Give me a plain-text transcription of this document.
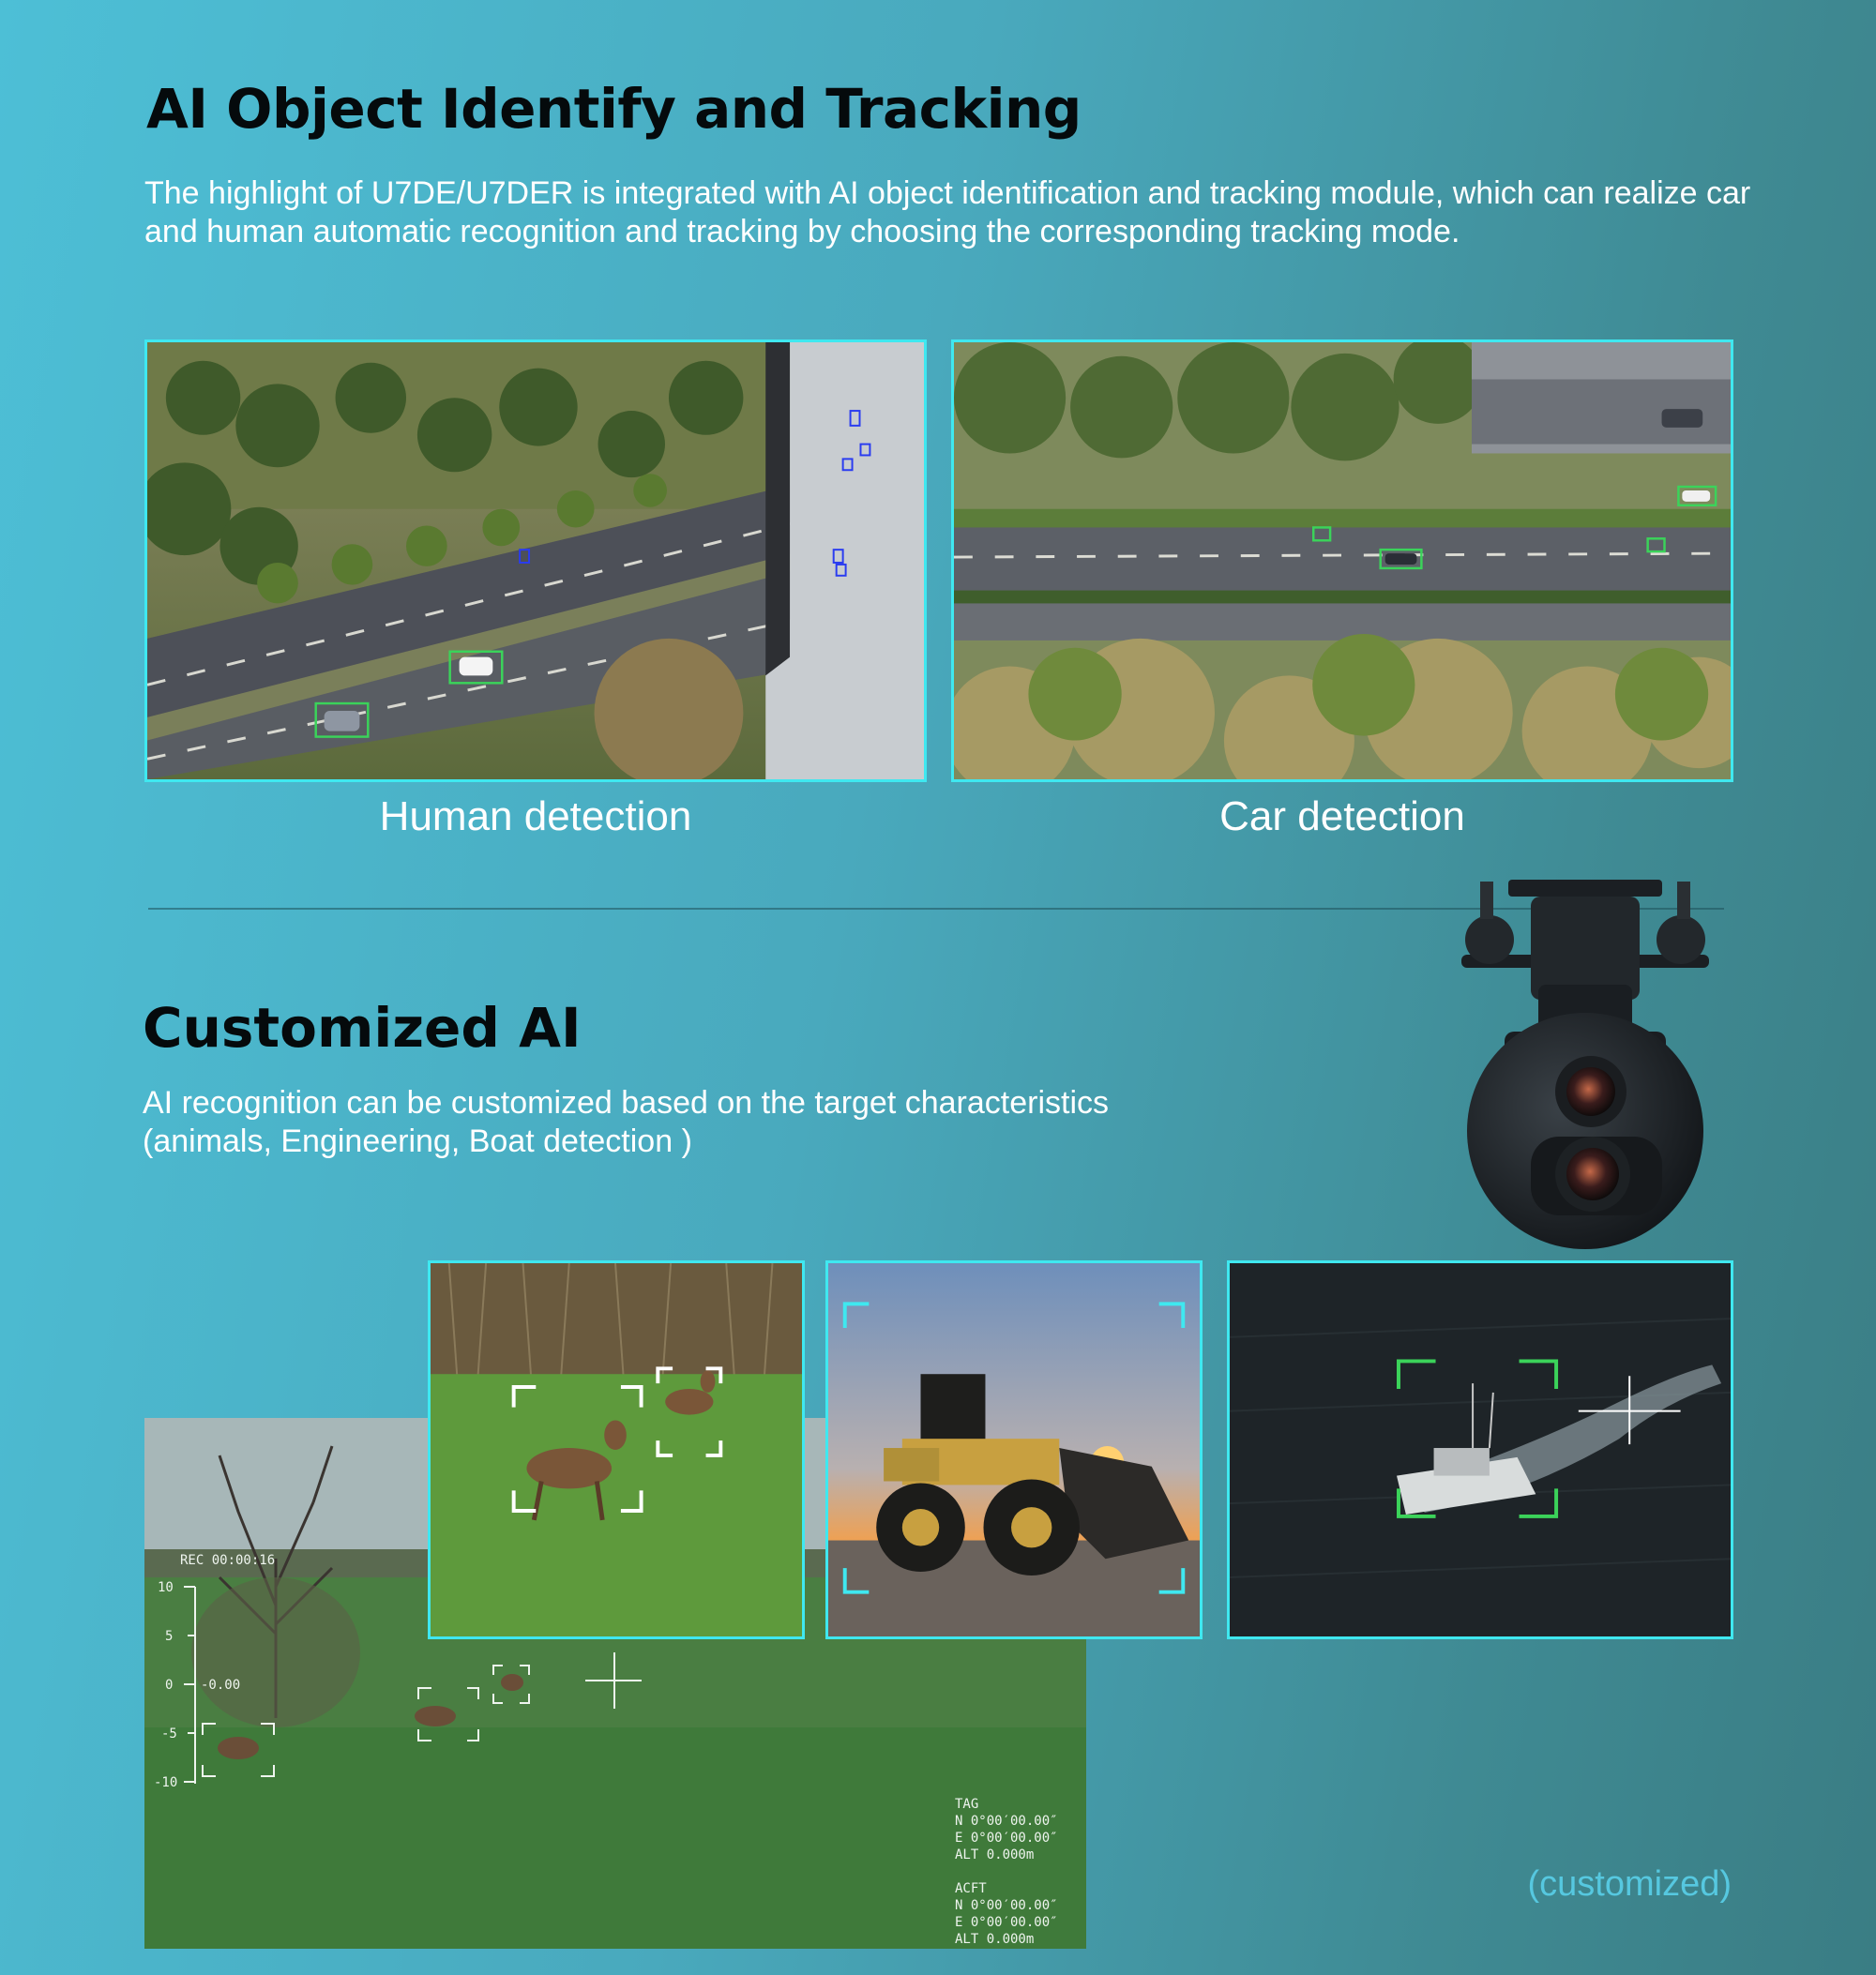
AI Object Identify and Tracking

The highlight of U7DE/U7DER is integrated with AI object identification and tracking module, which can realize car and human automatic recognition and tracking by choosing the corresponding tracking mode.

Human detection	Car detection

Customized AI

AI recognition can be customized based on the target characteristics
(animals, Engineering, Boat detection )

10
5
0
-5
-10
-0.00
REC 00:00:16
TAG
N 0°00′00.00″
E 0°00′00.00″
ALT 0.000m
ACFT
N 0°00′00.00″
E 0°00′00.00″
ALT 0.000m

(customized)
